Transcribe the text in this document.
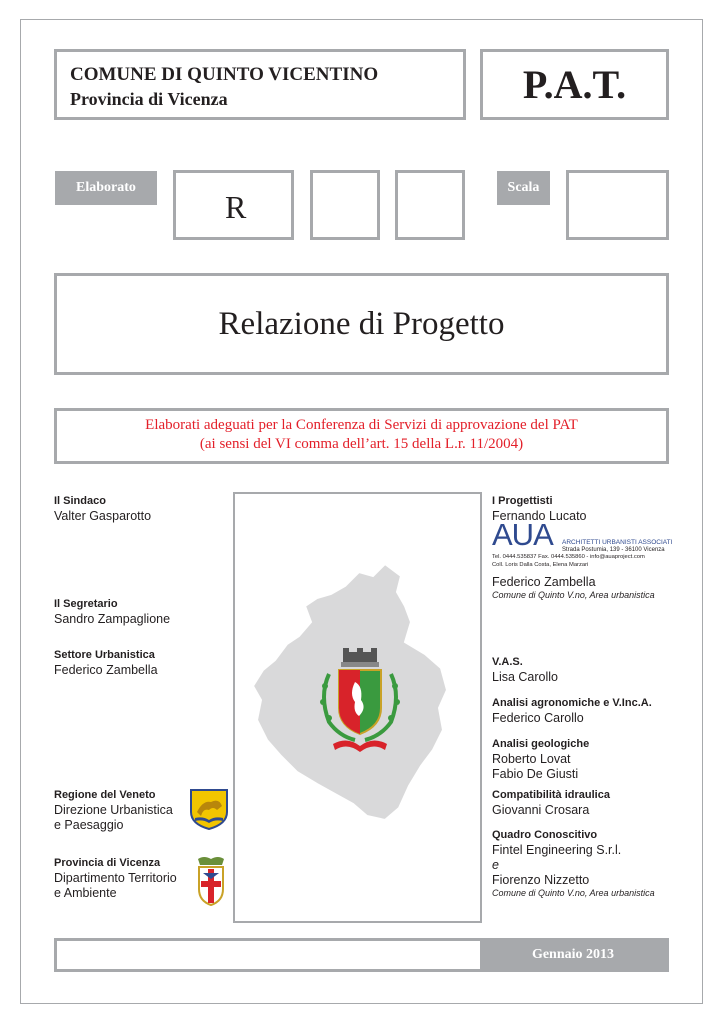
COMUNE DI QUINTO VICENTINO
Provincia di Vicenza	P.A.T.
Elaborato
R
Scala
Relazione di Progetto
Elaborati adeguati per la Conferenza di Servizi di approvazione del PAT
(ai sensi del VI comma dell’art. 15 della L.r. 11/2004)
Il Sindaco
Valter Gasparotto
Il Segretario
Sandro Zampaglione
Settore Urbanistica
Federico Zambella
Regione del Veneto
Direzione Urbanistica
e Paesaggio
Provincia di Vicenza
Dipartimento Territorio
e Ambiente
I Progettisti
Fernando Lucato
AUA ARCHITETTI URBANISTI ASSOCIATI
Strada Postumia, 139 - 36100 Vicenza
Tel. 0444.535837 Fax. 0444.535860 - info@auaproject.com
Coll. Loris Dalla Costa, Elena Marzari
Federico Zambella
Comune di Quinto V.no, Area urbanistica
V.A.S.
Lisa Carollo
Analisi agronomiche e V.Inc.A.
Federico Carollo
Analisi geologiche
Roberto Lovat
Fabio De Giusti
Compatibilità idraulica
Giovanni Crosara
Quadro Conoscitivo
Fintel Engineering S.r.l.
e
Fiorenzo Nizzetto
Comune di Quinto V.no, Area urbanistica
Gennaio 2013
